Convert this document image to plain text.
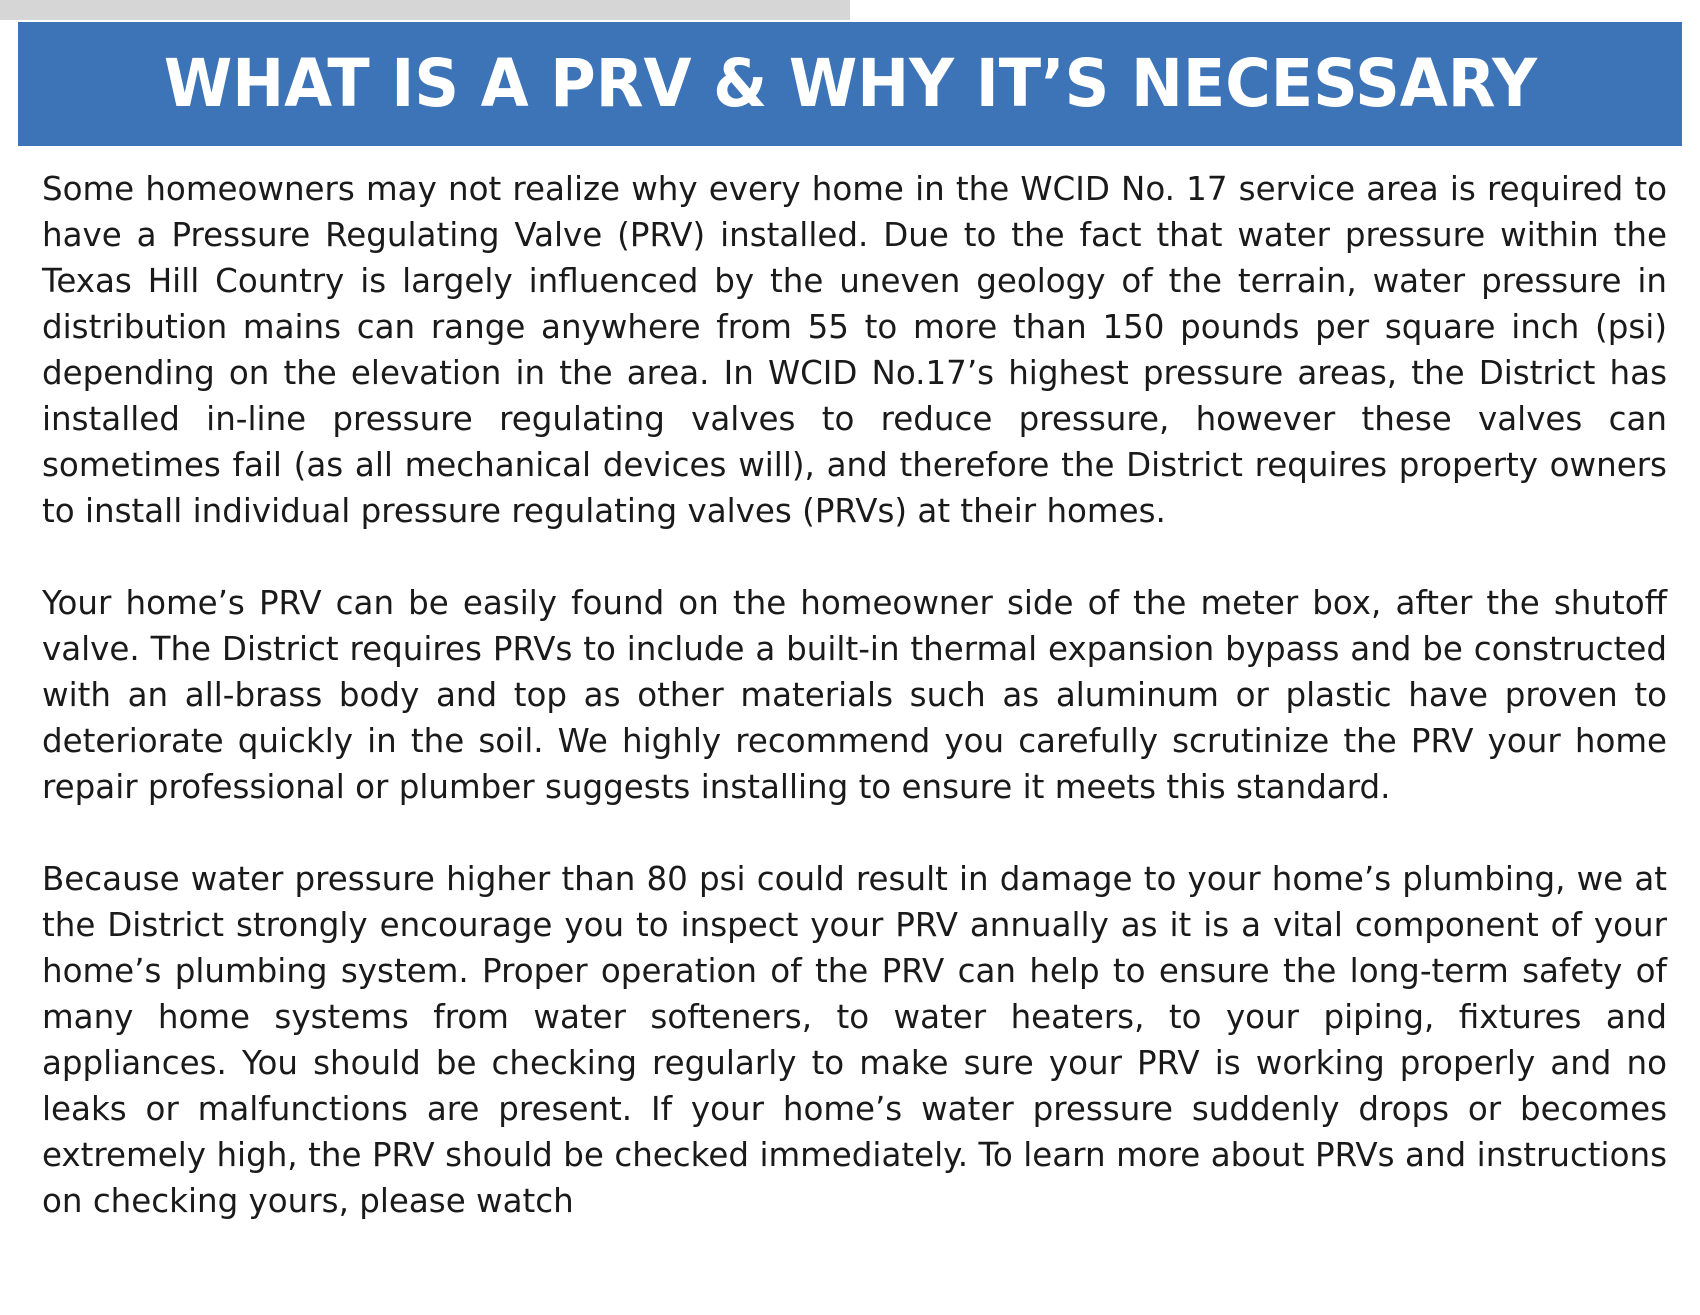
WHAT IS A PRV & WHY IT’S NECESSARY

Some homeowners may not realize why every home in the WCID No. 17 service area is required to have a Pressure Regulating Valve (PRV) installed. Due to the fact that water pressure within the Texas Hill Country is largely influenced by the uneven geology of the terrain, water pressure in distribution mains can range anywhere from 55 to more than 150 pounds per square inch (psi) depending on the elevation in the area. In WCID No.17’s highest pressure areas, the District has installed in-line pressure regulating valves to reduce pressure, however these valves can sometimes fail (as all mechanical devices will), and therefore the District requires property owners to install individual pressure regulating valves (PRVs) at their homes.

Your home’s PRV can be easily found on the homeowner side of the meter box, after the shutoff valve. The District requires PRVs to include a built-in thermal expansion bypass and be constructed with an all-brass body and top as other materials such as aluminum or plastic have proven to deteriorate quickly in the soil. We highly recommend you carefully scrutinize the PRV your home repair professional or plumber suggests installing to ensure it meets this standard.

Because water pressure higher than 80 psi could result in damage to your home’s plumbing, we at the District strongly encourage you to inspect your PRV annually as it is a vital component of your home’s plumbing system. Proper operation of the PRV can help to ensure the long-term safety of many home systems from water softeners, to water heaters, to your piping, fixtures and appliances. You should be checking regularly to make sure your PRV is working properly and no leaks or malfunctions are present. If your home’s water pressure suddenly drops or becomes extremely high, the PRV should be checked immediately. To learn more about PRVs and instructions on checking yours, please watch
